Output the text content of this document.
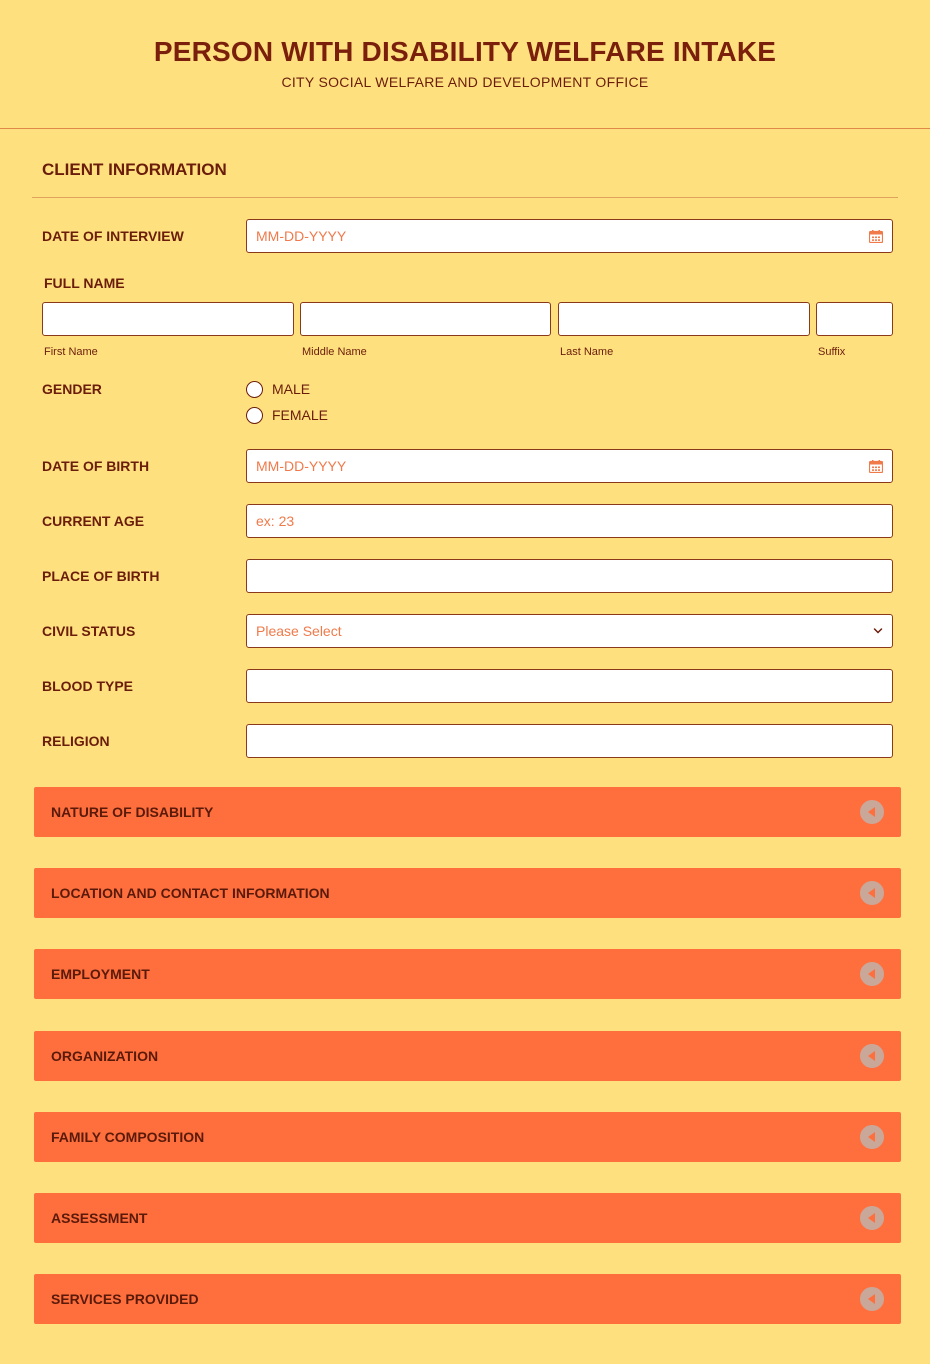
PERSON WITH DISABILITY WELFARE INTAKE
CITY SOCIAL WELFARE AND DEVELOPMENT OFFICE
CLIENT INFORMATION
DATE OF INTERVIEW	MM-DD-YYYY
FULL NAME
First Name	Middle Name	Last Name	Suffix
GENDER	MALE
FEMALE
DATE OF BIRTH	MM-DD-YYYY
CURRENT AGE	ex: 23
PLACE OF BIRTH
CIVIL STATUS	Please Select
BLOOD TYPE
RELIGION
NATURE OF DISABILITY
LOCATION AND CONTACT INFORMATION
EMPLOYMENT
ORGANIZATION
FAMILY COMPOSITION
ASSESSMENT
SERVICES PROVIDED
